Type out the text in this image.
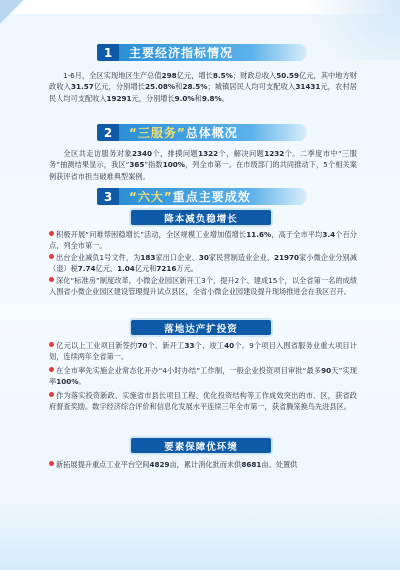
1	主要经济指标情况
1-6月，全区实现地区生产总值298亿元，增长8.5%；财政总收入50.59亿元，其中地方财政收入31.57亿元，分别增长25.08%和28.5%；城镇居民人均可支配收入31431元，农村居民人均可支配收入19291元，分别增长9.0%和9.8%。
2	“三服务” 总体概况
全区共走访服务对象2340个，排摸问题1322个，解决问题1232个。二季度市中“三服务”抽测结果显示，我区“365”指数100%，列全市第一。在市级部门的共同推动下，5个相关案例获评省市担当破难典型案例。
3	“六大” 重点主要成效
降本减负稳增长
积极开展“问难帮困稳增长”活动，全区规模工业增加值增长11.6%，高于全市平均3.4个百分点，列全市第一。
出台企业减负1号文件，为183家出口企业、30家民营制造业企业、21970家小微企业分别减（退）税7.74亿元、1.04亿元和7216万元。
深化“标准房”制度改革，小微企业园区新开工3个、提升2个、建成15个，以全省第一名的成绩入围省小微企业园区建设管理提升试点县区，全省小微企业园建设提升现场推进会在我区召开。
落地达产扩投资
亿元以上工业项目新签约70个、新开工33个、竣工40个。9个项目入围省服务业重大项目计划，连续两年全省第一。
在全市率先实施企业常态化开办“4小时办结”工作制，一般企业投资项目审批“最多90天”实现率100%。
作为落实投资新政、实施省市县长项目工程、优化投资结构等工作成效突出的市、区，获省政府督查奖励。数字经济综合评价和信息化发展水平连续三年全市第一，获省腾笼换鸟先进县区。
要素保障优环境
新拓展提升重点工业平台空间4829亩，累计消化批而未供8681亩、处置供
